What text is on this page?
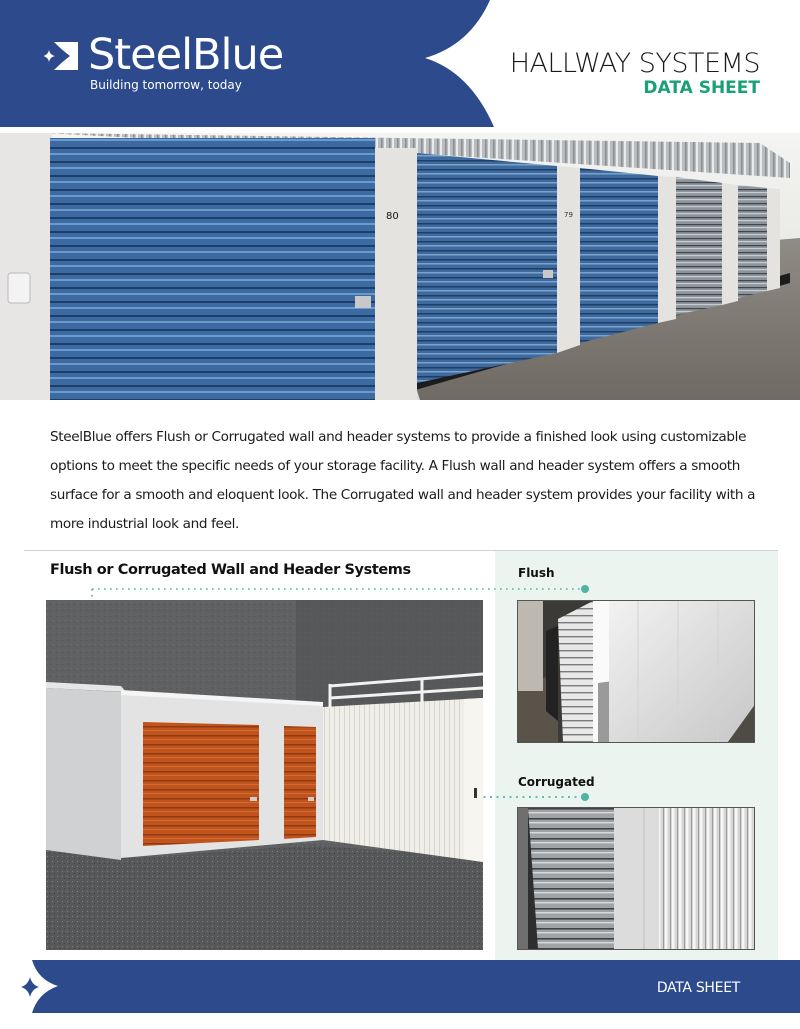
SteelBlue
Building tomorrow, today
HALLWAY SYSTEMS
DATA SHEET
80	79

SteelBlue offers Flush or Corrugated wall and header systems to provide a finished look using customizable options to meet the specific needs of your storage facility. A Flush wall and header system offers a smooth surface for a smooth and eloquent look. The Corrugated wall and header system provides your facility with a more industrial look and feel.

Flush or Corrugated Wall and Header Systems	Flush
Corrugated
DATA SHEET
